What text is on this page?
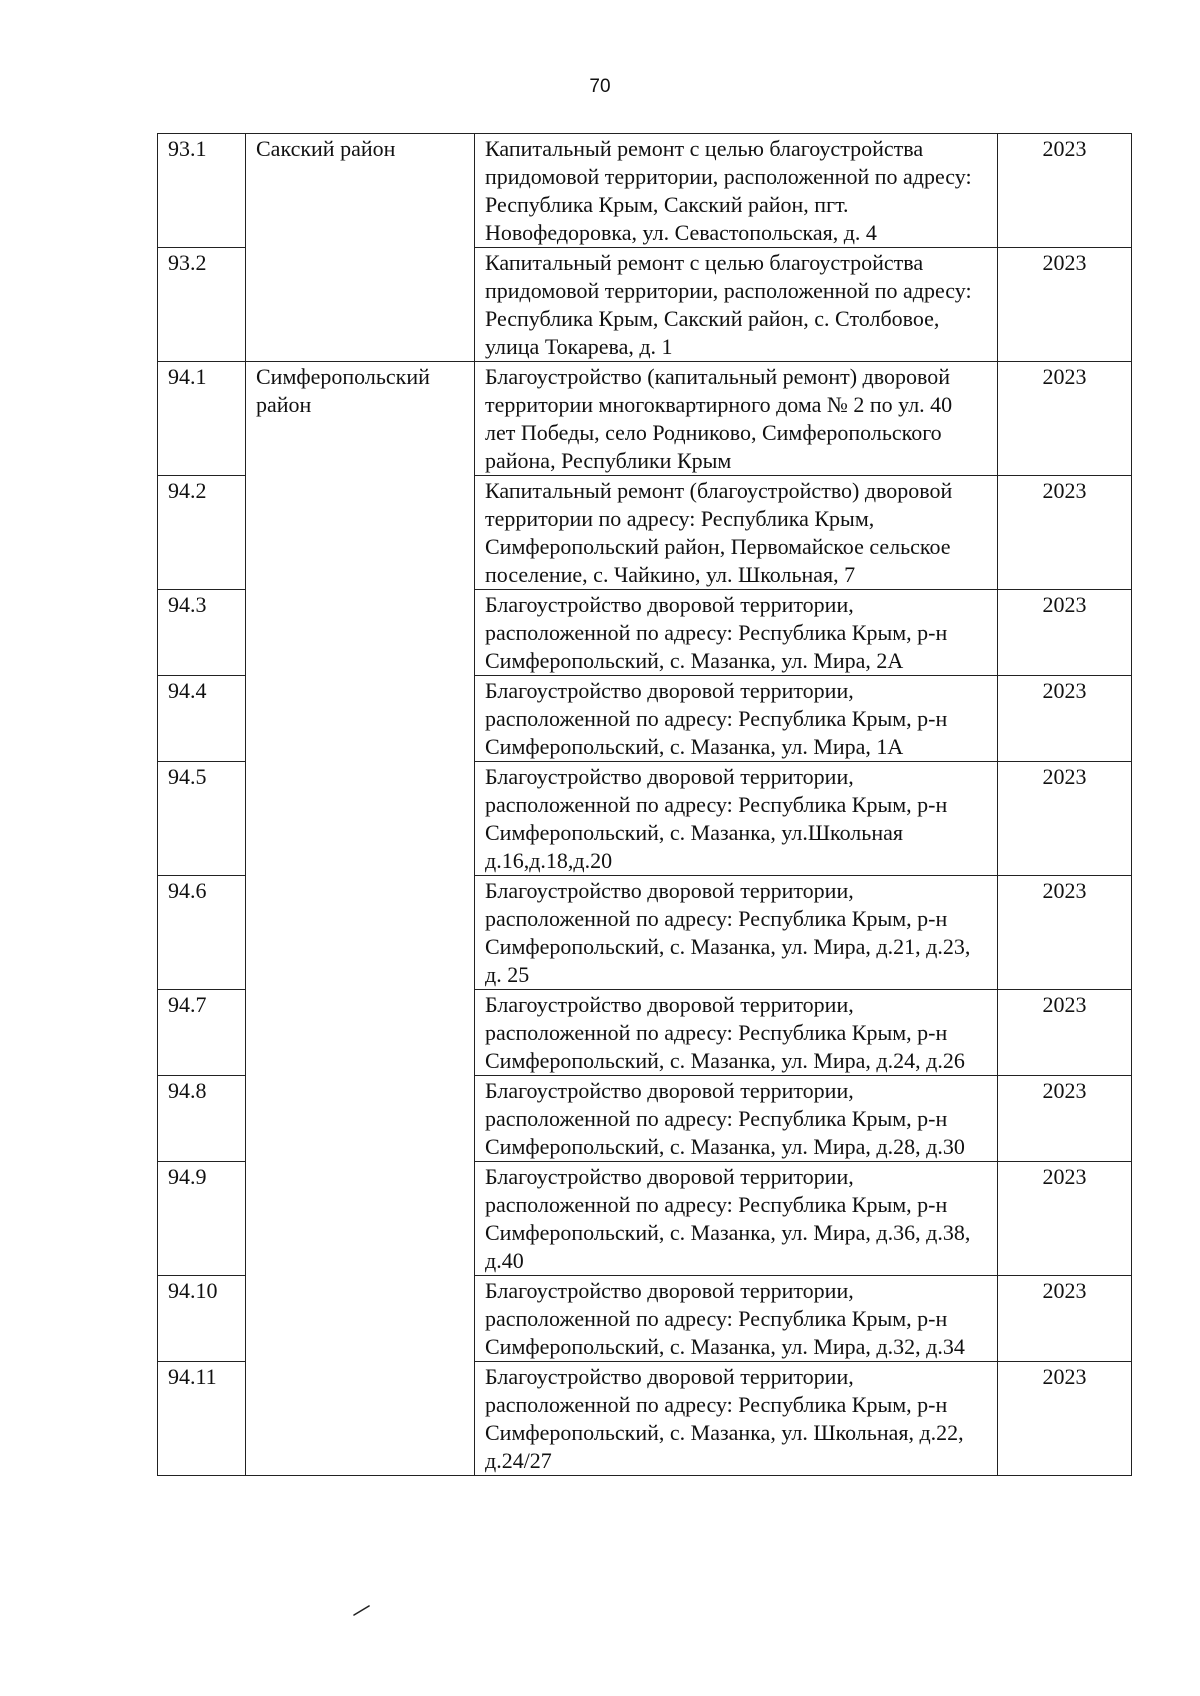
70
93.1	Сакский район	Капитальный ремонт с целью благоустройства придомовой территории, расположенной по адресу: Республика Крым, Сакский район, пгт. Новофедоровка, ул. Севастопольская, д. 4	2023
93.2		Капитальный ремонт с целью благоустройства придомовой территории, расположенной по адресу: Республика Крым, Сакский район, с. Столбовое, улица Токарева, д. 1	2023
94.1	Симферопольский район	Благоустройство (капитальный ремонт) дворовой территории многоквартирного дома № 2 по ул. 40 лет Победы, село Родниково, Симферопольского района, Республики Крым	2023
94.2		Капитальный ремонт (благоустройство) дворовой территории по адресу: Республика Крым, Симферопольский район, Первомайское сельское поселение, с. Чайкино, ул. Школьная, 7	2023
94.3		Благоустройство дворовой территории, расположенной по адресу: Республика Крым, р-н Симферопольский, с. Мазанка, ул. Мира, 2А	2023
94.4		Благоустройство дворовой территории, расположенной по адресу: Республика Крым, р-н Симферопольский, с. Мазанка, ул. Мира, 1А	2023
94.5		Благоустройство дворовой территории, расположенной по адресу: Республика Крым, р-н Симферопольский, с. Мазанка, ул.Школьная д.16,д.18,д.20	2023
94.6		Благоустройство дворовой территории, расположенной по адресу: Республика Крым, р-н Симферопольский, с. Мазанка, ул. Мира, д.21, д.23, д. 25	2023
94.7		Благоустройство дворовой территории, расположенной по адресу: Республика Крым, р-н Симферопольский, с. Мазанка, ул. Мира, д.24, д.26	2023
94.8		Благоустройство дворовой территории, расположенной по адресу: Республика Крым, р-н Симферопольский, с. Мазанка, ул. Мира, д.28, д.30	2023
94.9		Благоустройство дворовой территории, расположенной по адресу: Республика Крым, р-н Симферопольский, с. Мазанка, ул. Мира, д.36, д.38, д.40	2023
94.10		Благоустройство дворовой территории, расположенной по адресу: Республика Крым, р-н Симферопольский, с. Мазанка, ул. Мира, д.32, д.34	2023
94.11		Благоустройство дворовой территории, расположенной по адресу: Республика Крым, р-н Симферопольский, с. Мазанка, ул. Школьная, д.22, д.24/27	2023
